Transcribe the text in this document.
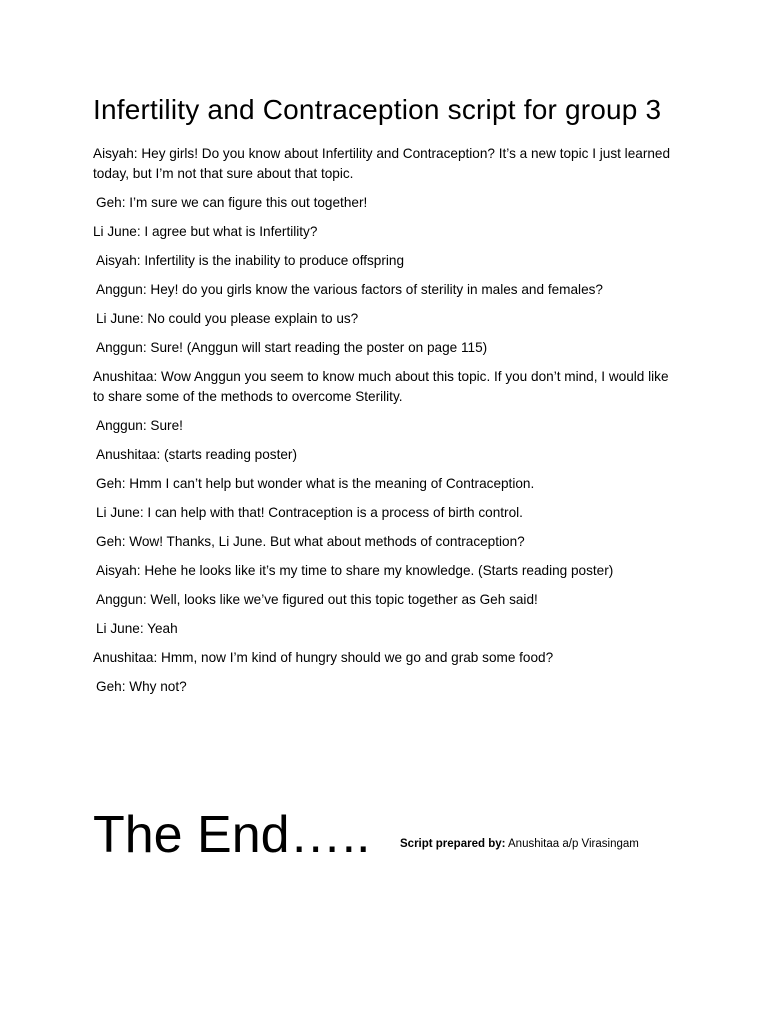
Infertility and Contraception script for group 3

Aisyah: Hey girls! Do you know about Infertility and Contraception? It’s a new topic I just learned today, but I’m not that sure about that topic.

Geh: I’m sure we can figure this out together!

Li June: I agree but what is Infertility?

Aisyah: Infertility is the inability to produce offspring

Anggun: Hey! do you girls know the various factors of sterility in males and females?

Li June: No could you please explain to us?

Anggun: Sure! (Anggun will start reading the poster on page 115)

Anushitaa: Wow Anggun you seem to know much about this topic. If you don’t mind, I would like to share some of the methods to overcome Sterility.

Anggun: Sure!

Anushitaa: (starts reading poster)

Geh: Hmm I can’t help but wonder what is the meaning of Contraception.

Li June: I can help with that! Contraception is a process of birth control.

Geh: Wow! Thanks, Li June. But what about methods of contraception?

Aisyah: Hehe he looks like it’s my time to share my knowledge. (Starts reading poster)

Anggun: Well, looks like we’ve figured out this topic together as Geh said!

Li June: Yeah

Anushitaa: Hmm, now I’m kind of hungry should we go and grab some food?

Geh: Why not?

The End…..	Script prepared by: Anushitaa a/p Virasingam
